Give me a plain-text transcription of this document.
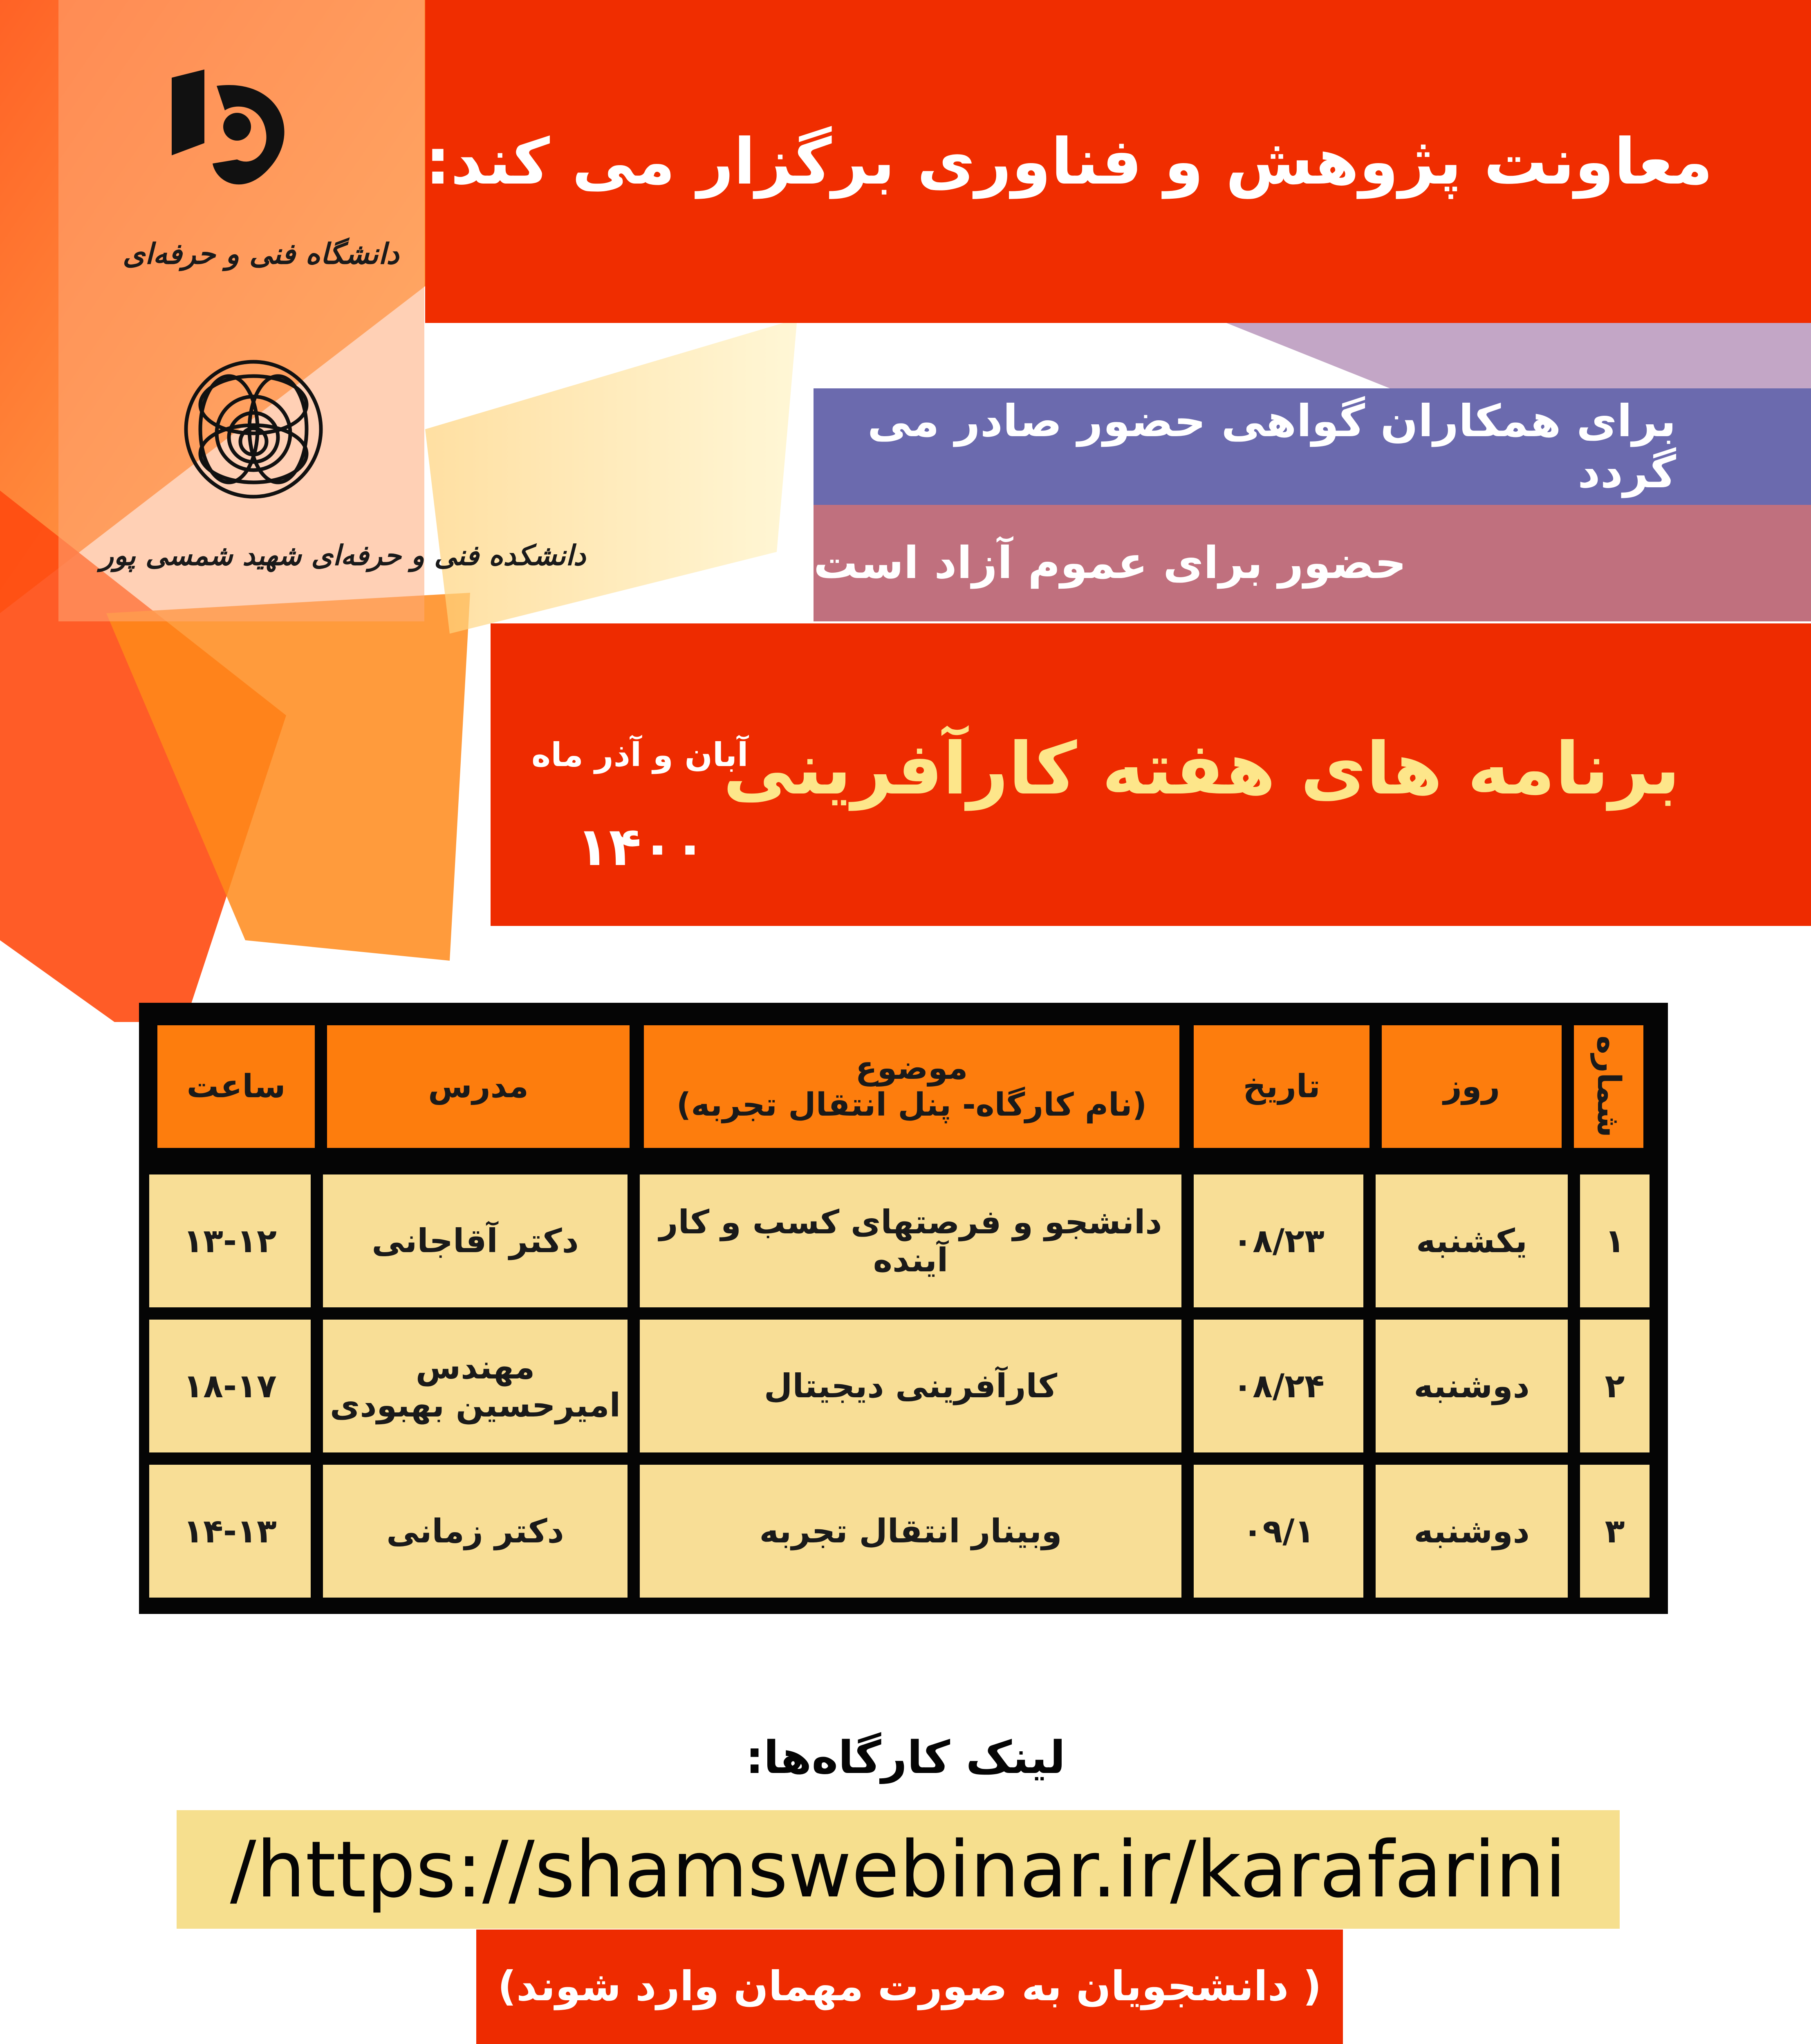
دانشگاه فنی و حرفه‌ای
دانشکده فنی و حرفه‌ای شهید شمسی پور
معاونت پژوهش و فناوری برگزار می کند:
برای همکاران گواهی حضور صادر می گردد
حضور برای عموم آزاد است
برنامه های هفته کارآفرینی
آبان و آذر ماه
۱۴۰۰
شماره
روز
تاریخ
موضوع
(نام کارگاه- پنل انتقال تجربه)
مدرس
ساعت
۱
یکشنبه
۰۸/۲۳
دانشجو و فرصتهای کسب و کار آینده
دکتر آقاجانی
۱۳-۱۲
۲
دوشنبه
۰۸/۲۴
کارآفرینی دیجیتال
مهندس
امیرحسین بهبودی
۱۸-۱۷
۳
دوشنبه
۰۹/۱
وبینار انتقال تجربه
دکتر زمانی
۱۴-۱۳
لینک کارگاه‌ها:
https://shamswebinar.ir/karafarini/
( دانشجویان به صورت مهمان وارد شوند)
